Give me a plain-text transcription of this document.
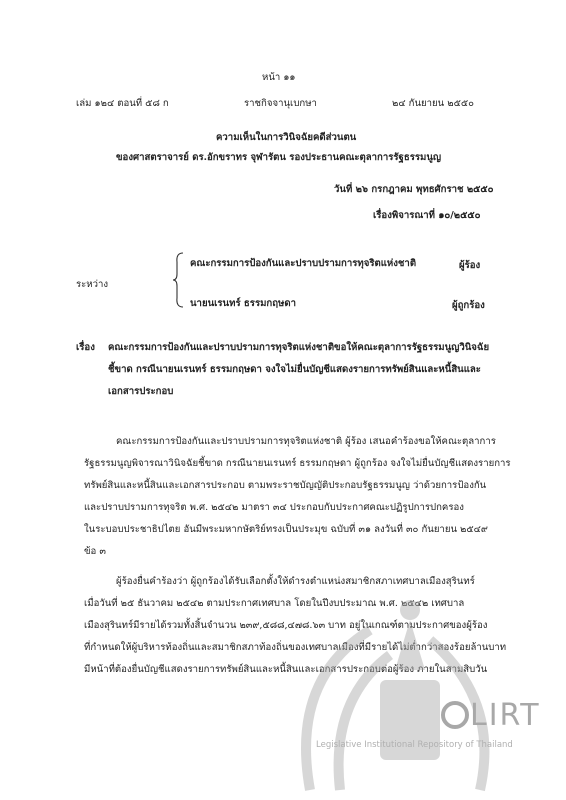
หน้า ๑๑
เล่ม ๑๒๔ ตอนที่ ๕๘ ก	ราชกิจจานุเบกษา	๒๔ กันยายน ๒๕๕๐
ความเห็นในการวินิจฉัยคดีส่วนตน
ของศาสตราจารย์ ดร.อักขราทร จุฬารัตน รองประธานคณะตุลาการรัฐธรรมนูญ
วันที่ ๒๖ กรกฎาคม พุทธศักราช ๒๕๕๐
เรื่องพิจารณาที่ ๑๐/๒๕๕๐
ระหว่าง
คณะกรรมการป้องกันและปราบปรามการทุจริตแห่งชาติ	ผู้ร้อง
นายนเรนทร์ ธรรมกฤษดา	ผู้ถูกร้อง
เรื่อง คณะกรรมการป้องกันและปราบปรามการทุจริตแห่งชาติขอให้คณะตุลาการรัฐธรรมนูญวินิจฉัย
ชี้ขาด กรณีนายนเรนทร์ ธรรมกฤษดา จงใจไม่ยื่นบัญชีแสดงรายการทรัพย์สินและหนี้สินและ
เอกสารประกอบ
คณะกรรมการป้องกันและปราบปรามการทุจริตแห่งชาติ ผู้ร้อง เสนอคำร้องขอให้คณะตุลาการ
รัฐธรรมนูญพิจารณาวินิจฉัยชี้ขาด กรณีนายนเรนทร์ ธรรมกฤษดา ผู้ถูกร้อง จงใจไม่ยื่นบัญชีแสดงรายการ
ทรัพย์สินและหนี้สินและเอกสารประกอบ ตามพระราชบัญญัติประกอบรัฐธรรมนูญ ว่าด้วยการป้องกัน
และปราบปรามการทุจริต พ.ศ. ๒๕๔๒ มาตรา ๓๔ ประกอบกับประกาศคณะปฏิรูปการปกครอง
ในระบอบประชาธิปไตย อันมีพระมหากษัตริย์ทรงเป็นประมุข ฉบับที่ ๓๑ ลงวันที่ ๓๐ กันยายน ๒๕๔๙
ข้อ ๓
ผู้ร้องยื่นคำร้องว่า ผู้ถูกร้องได้รับเลือกตั้งให้ดำรงตำแหน่งสมาชิกสภาเทศบาลเมืองสุรินทร์
เมื่อวันที่ ๒๕ ธันวาคม ๒๕๔๒ ตามประกาศเทศบาล โดยในปีงบประมาณ พ.ศ. ๒๕๔๒ เทศบาล
เมืองสุรินทร์มีรายได้รวมทั้งสิ้นจำนวน ๒๓๙,๕๘๘,๔๗๘.๖๓ บาท อยู่ในเกณฑ์ตามประกาศของผู้ร้อง
ที่กำหนดให้ผู้บริหารท้องถิ่นและสมาชิกสภาท้องถิ่นของเทศบาลเมืองที่มีรายได้ไม่ต่ำกว่าสองร้อยล้านบาท
มีหน้าที่ต้องยื่นบัญชีแสดงรายการทรัพย์สินและหนี้สินและเอกสารประกอบต่อผู้ร้อง ภายในสามสิบวัน
LIRT
Legislative Institutional Repository of Thailand
